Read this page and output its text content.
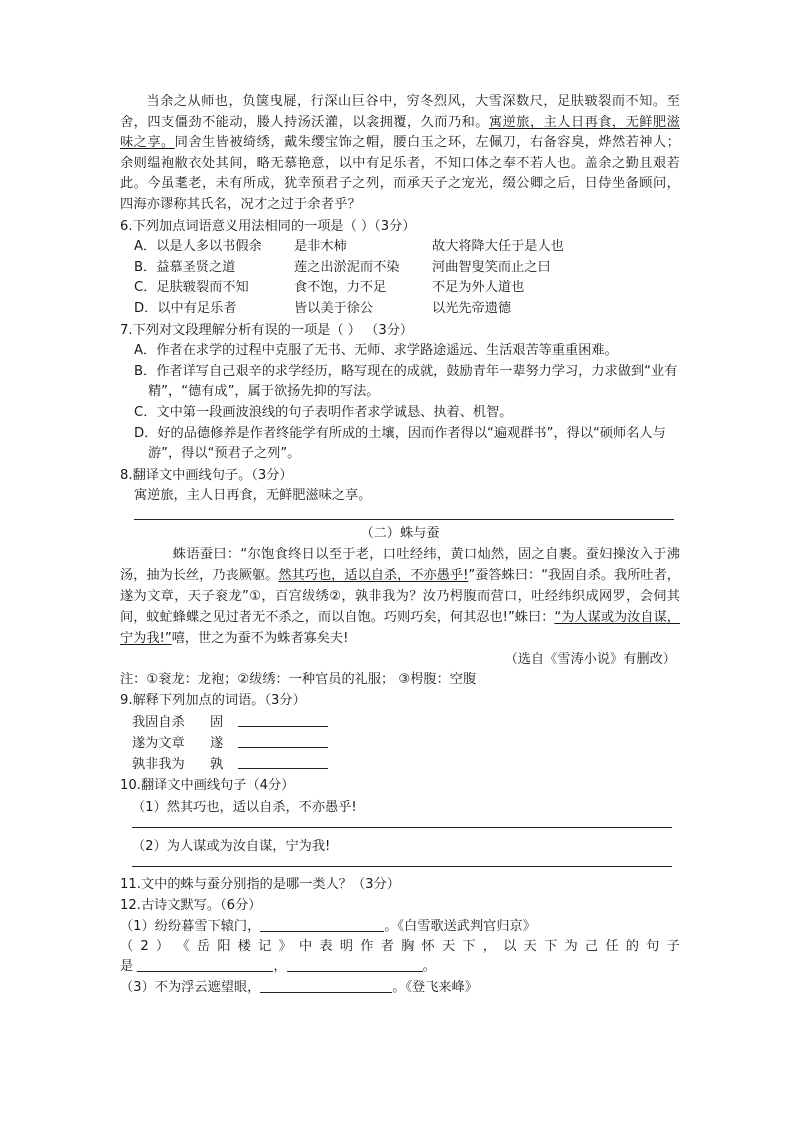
当余之从师也，负箧曳屣，行深山巨谷中，穷冬烈风，大雪深数尺，足肤皲裂而不知。至舍，四支僵劲不能动，媵人持汤沃灌，以衾拥覆，久而乃和。寓逆旅，主人日再食，无鲜肥滋味之享。同舍生皆被绮绣，戴朱缨宝饰之帽，腰白玉之环，左佩刀，右备容臭，烨然若神人；余则缊袍敝衣处其间，略无慕艳意，以中有足乐者，不知口体之奉不若人也。盖余之勤且艰若此。今虽耄老，未有所成，犹幸预君子之列，而承天子之宠光，缀公卿之后，日侍坐备顾问，四海亦谬称其氏名，况才之过于余者乎？

6.下列加点词语意义用法相同的一项是（ ）（3分）
A．以是人多以书假余	是非木柿	故大将降大任于是人也
B．益慕圣贤之道	莲之出淤泥而不染	河曲智叟笑而止之曰
C．足肤皲裂而不知	食不饱，力不足	不足为外人道也
D．以中有足乐者	皆以美于徐公	以光先帝遗德
7.下列对文段理解分析有误的一项是（ ） （3分）
A．作者在求学的过程中克服了无书、无师、求学路途遥远、生活艰苦等重重困难。
B．作者详写自己艰辛的求学经历，略写现在的成就，鼓励青年一辈努力学习，力求做到“业有精”，“德有成”，属于欲扬先抑的写法。
C．文中第一段画波浪线的句子表明作者求学诚恳、执着、机智。
D．好的品德修养是作者终能学有所成的土壤，因而作者得以“遍观群书”，得以“硕师名人与游”，得以“预君子之列”。
8.翻译文中画线句子。（3分）
寓逆旅，主人日再食，无鲜肥滋味之享。
（二）蛛与蚕

蛛语蚕曰：“尔饱食终日以至于老，口吐经纬，黄口灿然，固之自裹。蚕妇操汝入于沸汤，抽为长丝，乃丧厥躯。然其巧也，适以自杀，不亦愚乎!”蚕答蛛曰：“我固自杀。我所吐者，遂为文章，天子衮龙”①，百宫绂绣②，孰非我为？汝乃枵腹而营口，吐经纬织成网罗，会伺其间，蚊虻蜂蝶之见过者无不杀之，而以自饱。巧则巧矣，何其忍也!”蛛曰：“为人谋或为汝自谋，宁为我!”嘻，世之为蚕不为蛛者寡矣夫!

（选自《雪涛小说》有删改）
注：①衮龙：龙袍；②绂绣：一种官员的礼服； ③枵腹：空腹
9.解释下列加点的词语。（3分）
我固自杀	固
遂为文章	遂
孰非我为	孰
10.翻译文中画线句子（4分）
（1）然其巧也，适以自杀，不亦愚乎!
（2）为人谋或为汝自谋，宁为我!
11.文中的蛛与蚕分别指的是哪一类人？（3分）
12.古诗文默写。（6分）
（1）纷纷暮雪下辕门，	。《白雪歌送武判官归京》
（ 2 ） 《 岳 阳 楼 记 》 中 表 明 作 者 胸 怀 天 下 ， 以 天 下 为 己 任 的 句 子
是	，	。
（3）不为浮云遮望眼，	。《登飞来峰》
